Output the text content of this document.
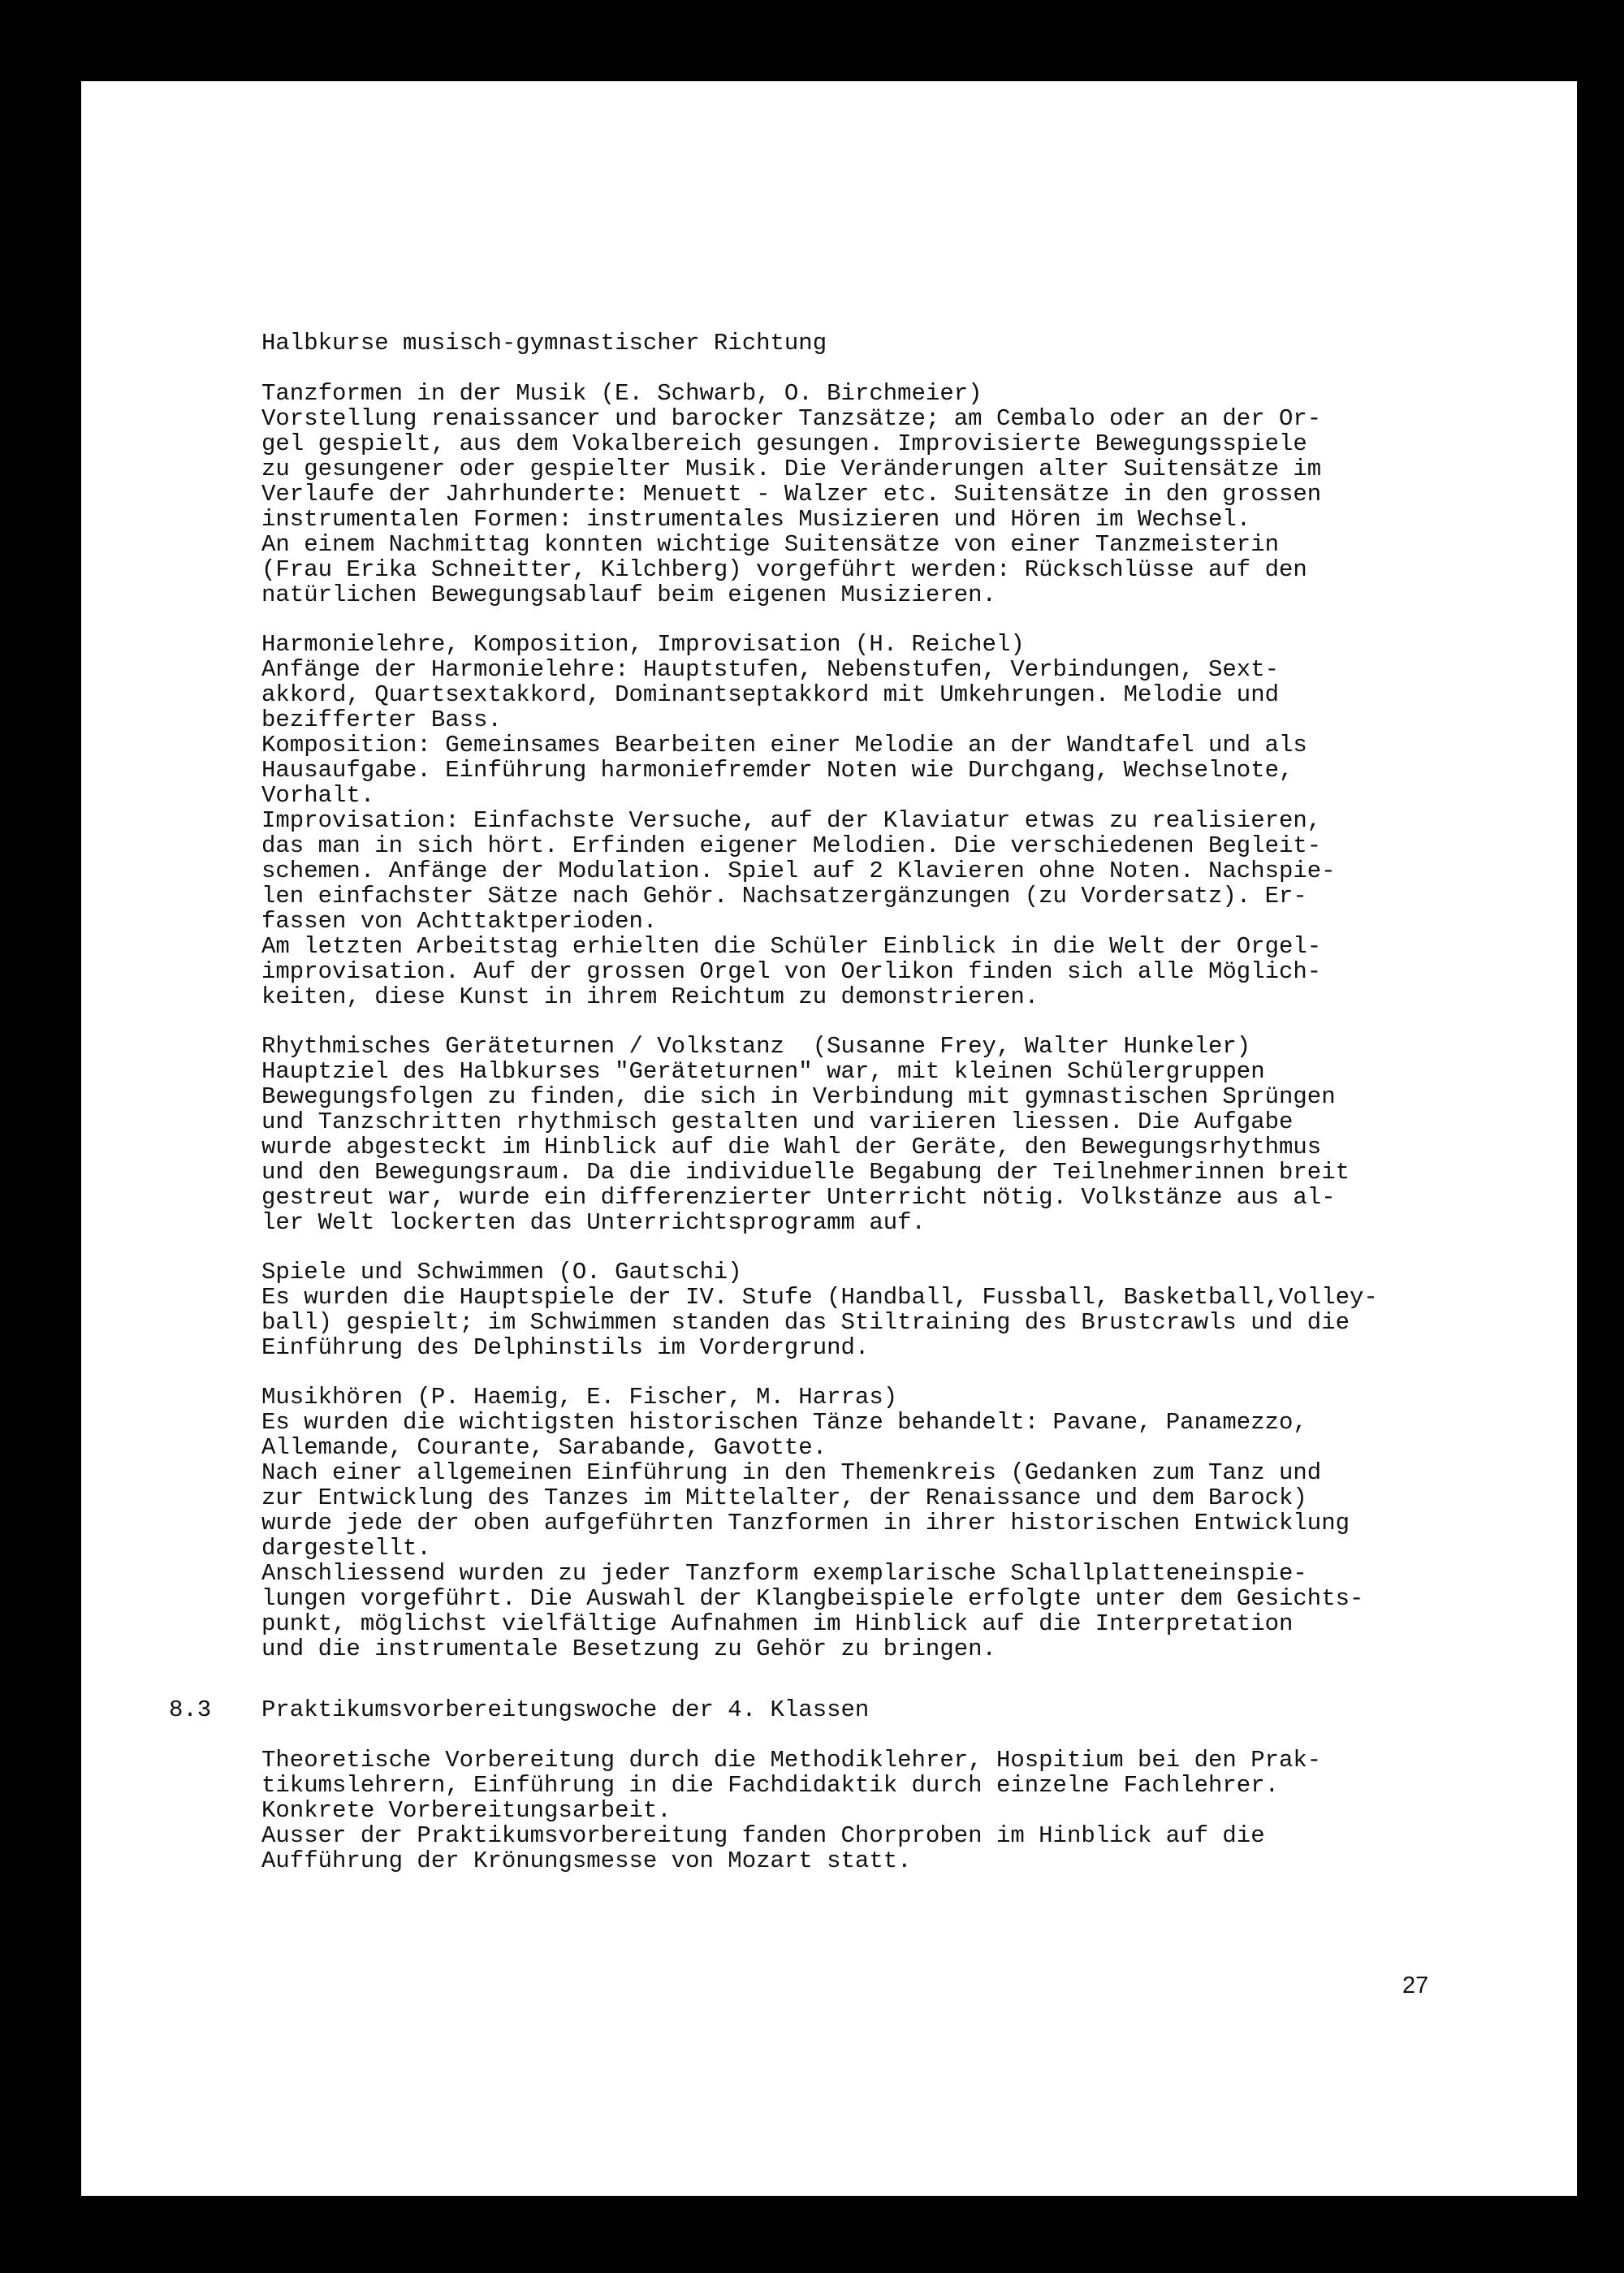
Halbkurse musisch-gymnastischer Richtung

Tanzformen in der Musik (E. Schwarb, O. Birchmeier)

Vorstellung renaissancer und barocker Tanzsätze; am Cembalo oder an der Or-

gel gespielt, aus dem Vokalbereich gesungen. Improvisierte Bewegungsspiele

zu gesungener oder gespielter Musik. Die Veränderungen alter Suitensätze im

Verlaufe der Jahrhunderte: Menuett - Walzer etc. Suitensätze in den grossen

instrumentalen Formen: instrumentales Musizieren und Hören im Wechsel.

An einem Nachmittag konnten wichtige Suitensätze von einer Tanzmeisterin

(Frau Erika Schneitter, Kilchberg) vorgeführt werden: Rückschlüsse auf den

natürlichen Bewegungsablauf beim eigenen Musizieren.

Harmonielehre, Komposition, Improvisation (H. Reichel)

Anfänge der Harmonielehre: Hauptstufen, Nebenstufen, Verbindungen, Sext-

akkord, Quartsextakkord, Dominantseptakkord mit Umkehrungen. Melodie und

bezifferter Bass.

Komposition: Gemeinsames Bearbeiten einer Melodie an der Wandtafel und als

Hausaufgabe. Einführung harmoniefremder Noten wie Durchgang, Wechselnote,

Vorhalt.

Improvisation: Einfachste Versuche, auf der Klaviatur etwas zu realisieren,

das man in sich hört. Erfinden eigener Melodien. Die verschiedenen Begleit-

schemen. Anfänge der Modulation. Spiel auf 2 Klavieren ohne Noten. Nachspie-

len einfachster Sätze nach Gehör. Nachsatzergänzungen (zu Vordersatz). Er-

fassen von Achttaktperioden.

Am letzten Arbeitstag erhielten die Schüler Einblick in die Welt der Orgel-

improvisation. Auf der grossen Orgel von Oerlikon finden sich alle Möglich-

keiten, diese Kunst in ihrem Reichtum zu demonstrieren.

Rhythmisches Geräteturnen / Volkstanz  (Susanne Frey, Walter Hunkeler)

Hauptziel des Halbkurses "Geräteturnen" war, mit kleinen Schülergruppen

Bewegungsfolgen zu finden, die sich in Verbindung mit gymnastischen Sprüngen

und Tanzschritten rhythmisch gestalten und variieren liessen. Die Aufgabe

wurde abgesteckt im Hinblick auf die Wahl der Geräte, den Bewegungsrhythmus

und den Bewegungsraum. Da die individuelle Begabung der Teilnehmerinnen breit

gestreut war, wurde ein differenzierter Unterricht nötig. Volkstänze aus al-

ler Welt lockerten das Unterrichtsprogramm auf.

Spiele und Schwimmen (O. Gautschi)

Es wurden die Hauptspiele der IV. Stufe (Handball, Fussball, Basketball,Volley-

ball) gespielt; im Schwimmen standen das Stiltraining des Brustcrawls und die

Einführung des Delphinstils im Vordergrund.

Musikhören (P. Haemig, E. Fischer, M. Harras)

Es wurden die wichtigsten historischen Tänze behandelt: Pavane, Panamezzo,

Allemande, Courante, Sarabande, Gavotte.

Nach einer allgemeinen Einführung in den Themenkreis (Gedanken zum Tanz und

zur Entwicklung des Tanzes im Mittelalter, der Renaissance und dem Barock)

wurde jede der oben aufgeführten Tanzformen in ihrer historischen Entwicklung

dargestellt.

Anschliessend wurden zu jeder Tanzform exemplarische Schallplatteneinspie-

lungen vorgeführt. Die Auswahl der Klangbeispiele erfolgte unter dem Gesichts-

punkt, möglichst vielfältige Aufnahmen im Hinblick auf die Interpretation

und die instrumentale Besetzung zu Gehör zu bringen.

8.3 Praktikumsvorbereitungswoche der 4. Klassen

Theoretische Vorbereitung durch die Methodiklehrer, Hospitium bei den Prak-

tikumslehrern, Einführung in die Fachdidaktik durch einzelne Fachlehrer.

Konkrete Vorbereitungsarbeit.

Ausser der Praktikumsvorbereitung fanden Chorproben im Hinblick auf die

Aufführung der Krönungsmesse von Mozart statt.

27
